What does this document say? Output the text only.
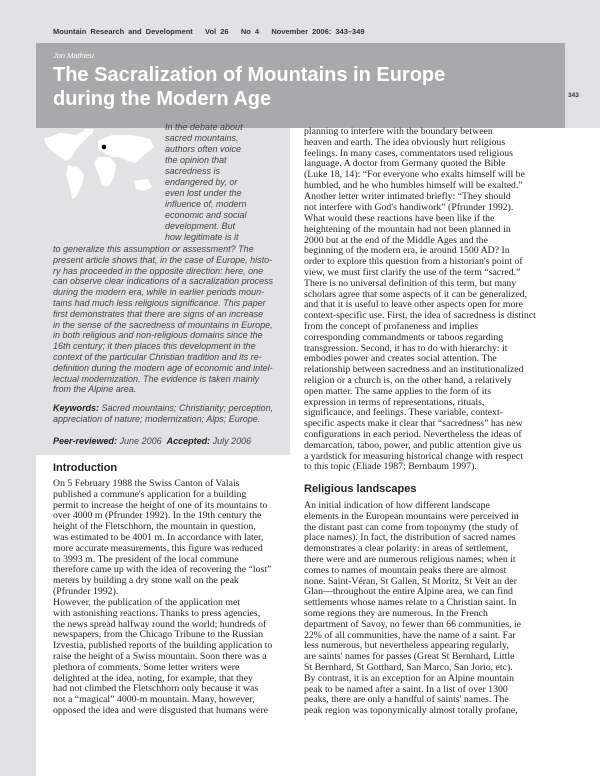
Mountain Research and Development   Vol 26   No 4   November 2006: 343–349
Jon Mathieu
The Sacralization of Mountains in Europe
during the Modern Age	343
In the debate about
sacred mountains,
authors often voice
the opinion that
sacredness is
endangered by, or
even lost under the
influence of, modern
economic and social
development. But
how legitimate is it
to generalize this assumption or assessment? The
present article shows that, in the case of Europe, histo-
ry has proceeded in the opposite direction: here, one
can observe clear indications of a sacralization process
during the modern era, while in earlier periods moun-
tains had much less religious significance. This paper
first demonstrates that there are signs of an increase
in the sense of the sacredness of mountains in Europe,
in both religious and non-religious domains since the
16th century; it then places this development in the
context of the particular Christian tradition and its re-
definition during the modern age of economic and intel-
lectual modernization. The evidence is taken mainly
from the Alpine area.
Keywords: Sacred mountains; Christianity; perception,
appreciation of nature; modernization; Alps; Europe.
Peer-reviewed: June 2006  Accepted: July 2006
Introduction
On 5 February 1988 the Swiss Canton of Valais
published a commune's application for a building
permit to increase the height of one of its mountains to
over 4000 m (Pfrunder 1992). In the 19th century the
height of the Fletschhorn, the mountain in question,
was estimated to be 4001 m. In accordance with later,
more accurate measurements, this figure was reduced
to 3993 m. The president of the local commune
therefore came up with the idea of recovering the “lost”
meters by building a dry stone wall on the peak
(Pfrunder 1992).
However, the publication of the application met
with astonishing reactions. Thanks to press agencies,
the news spread halfway round the world; hundreds of
newspapers, from the Chicago Tribune to the Russian
Izvestia, published reports of the building application to
raise the height of a Swiss mountain. Soon there was a
plethora of comments. Some letter writers were
delighted at the idea, noting, for example, that they
had not climbed the Fletschhorn only because it was
not a “magical” 4000-m mountain. Many, however,
opposed the idea and were disgusted that humans were
planning to interfere with the boundary between
heaven and earth. The idea obviously hurt religious
feelings. In many cases, commentators used religious
language. A doctor from Germany quoted the Bible
(Luke 18, 14): “For everyone who exalts himself will be
humbled, and he who humbles himself will be exalted.”
Another letter writer intimated briefly: “They should
not interfere with God's handiwork” (Pfrunder 1992).
What would these reactions have been like if the
heightening of the mountain had not been planned in
2000 but at the end of the Middle Ages and the
beginning of the modern era, ie around 1500 AD? In
order to explore this question from a historian's point of
view, we must first clarify the use of the term “sacred.”
There is no universal definition of this term, but many
scholars agree that some aspects of it can be generalized,
and that it is useful to leave other aspects open for more
context-specific use. First, the idea of sacredness is distinct
from the concept of profaneness and implies
corresponding commandments or taboos regarding
transgression. Second, it has to do with hierarchy: it
embodies power and creates social attention. The
relationship between sacredness and an institutionalized
religion or a church is, on the other hand, a relatively
open matter. The same applies to the form of its
expression in terms of representations, rituals,
significance, and feelings. These variable, context-
specific aspects make it clear that “sacredness” has new
configurations in each period. Nevertheless the ideas of
demarcation, taboo, power, and public attention give us
a yardstick for measuring historical change with respect
to this topic (Eliade 1987; Bernbaum 1997).
Religious landscapes
An initial indication of how different landscape
elements in the European mountains were perceived in
the distant past can come from toponymy (the study of
place names). In fact, the distribution of sacred names
demonstrates a clear polarity: in areas of settlement,
there were and are numerous religious names; when it
comes to names of mountain peaks there are almost
none. Saint-Véran, St Gallen, St Moritz, St Veit an der
Glan—throughout the entire Alpine area, we can find
settlements whose names relate to a Christian saint. In
some regions they are numerous. In the French
department of Savoy, no fewer than 66 communities, ie
22% of all communities, have the name of a saint. Far
less numerous, but nevertheless appearing regularly,
are saints' names for passes (Great St Bernhard, Little
St Bernhard, St Gotthard, San Marco, San Jorio, etc).
By contrast, it is an exception for an Alpine mountain
peak to be named after a saint. In a list of over 1300
peaks, there are only a handful of saints' names. The
peak region was toponymically almost totally profane,
